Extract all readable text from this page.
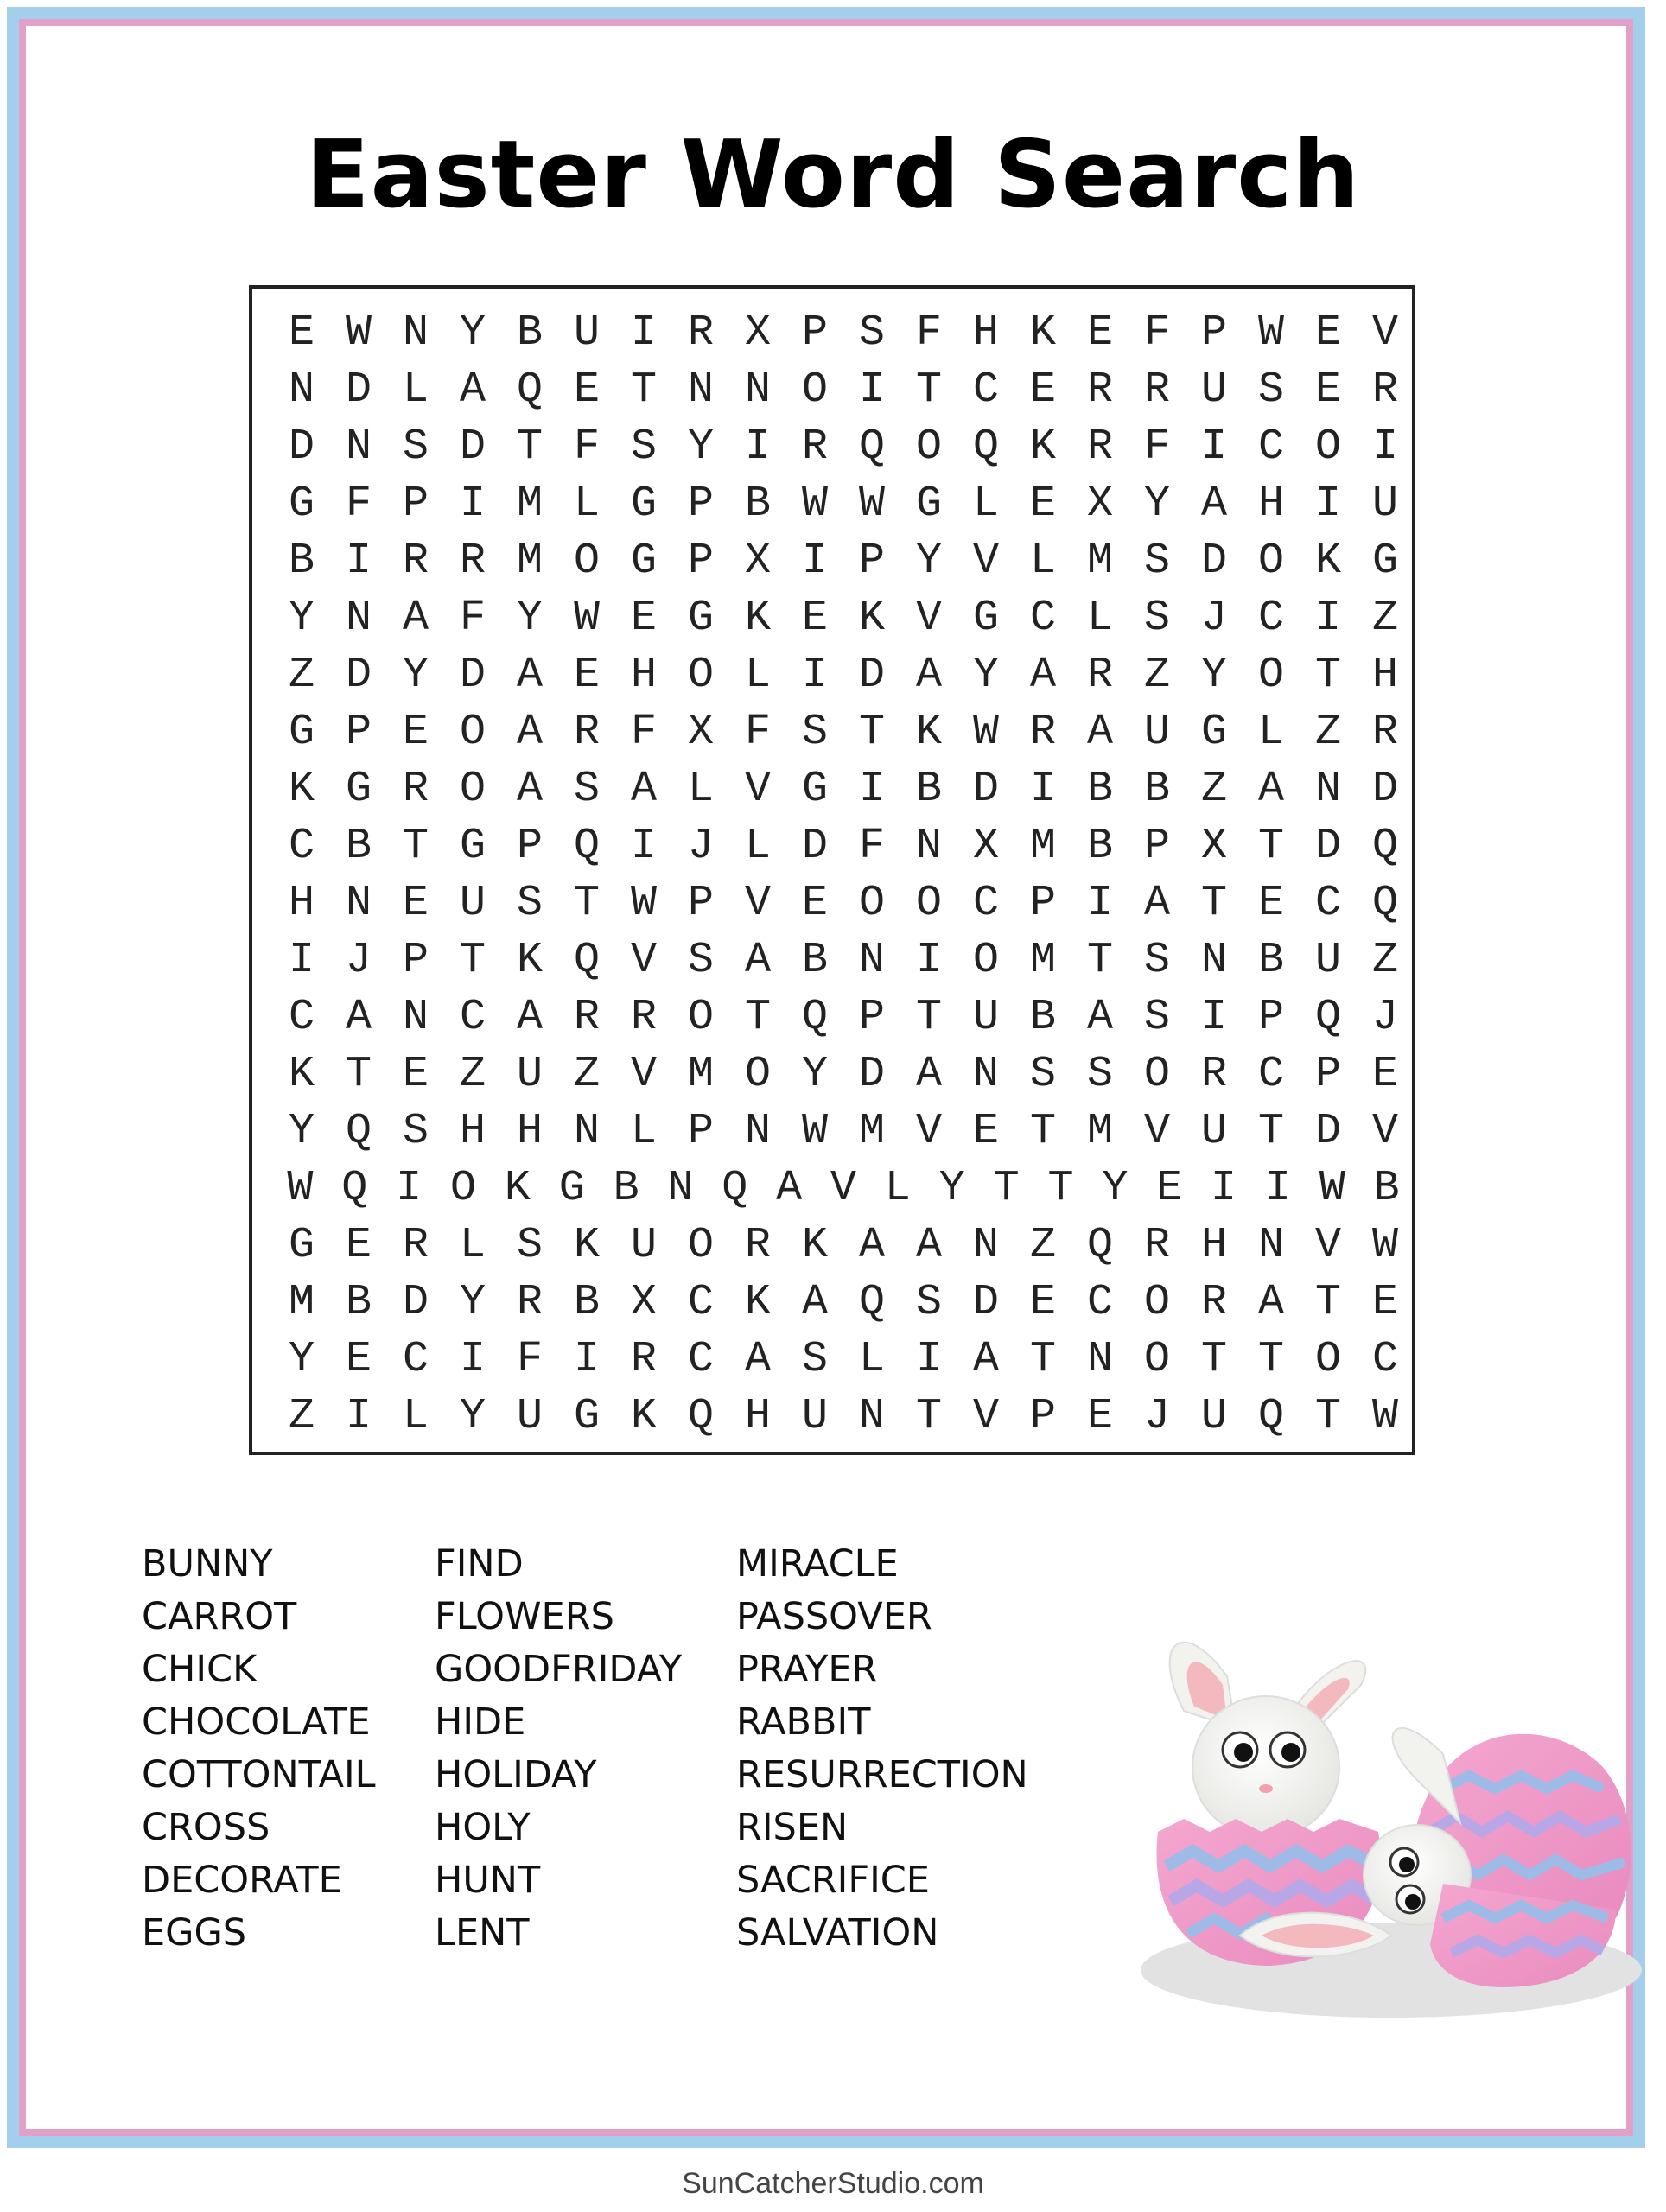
Easter Word Search
E W N Y B U I R X P S F H K E F P W E V
N D L A Q E T N N O I T C E R R U S E R
D N S D T F S Y I R Q O Q K R F I C O I
G F P I M L G P B W W G L E X Y A H I U
B I R R M O G P X I P Y V L M S D O K G
Y N A F Y W E G K E K V G C L S J C I Z
Z D Y D A E H O L I D A Y A R Z Y O T H
G P E O A R F X F S T K W R A U G L Z R
K G R O A S A L V G I B D I B B Z A N D
C B T G P Q I J L D F N X M B P X T D Q
H N E U S T W P V E O O C P I A T E C Q
I J P T K Q V S A B N I O M T S N B U Z
C A N C A R R O T Q P T U B A S I P Q J
K T E Z U Z V M O Y D A N S S O R C P E
Y Q S H H N L P N W M V E T M V U T D V
W Q I O K G B N Q A V L Y T T Y E I I W B
G E R L S K U O R K A A N Z Q R H N V W
M B D Y R B X C K A Q S D E C O R A T E
Y E C I F I R C A S L I A T N O T T O C
Z I L Y U G K Q H U N T V P E J U Q T W
BUNNY
CARROT
CHICK
CHOCOLATE
COTTONTAIL
CROSS
DECORATE
EGGS
FIND
FLOWERS
GOODFRIDAY
HIDE
HOLIDAY
HOLY
HUNT
LENT
MIRACLE
PASSOVER
PRAYER
RABBIT
RESURRECTION
RISEN
SACRIFICE
SALVATION
SunCatcherStudio.com
